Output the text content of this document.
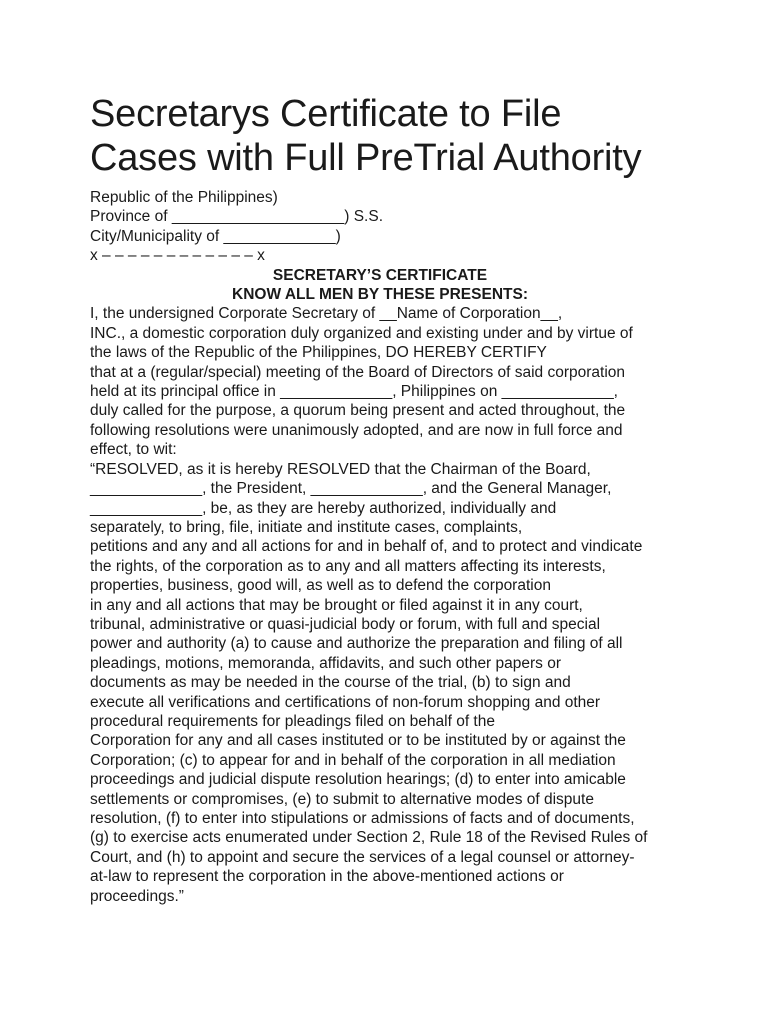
Secretarys Certificate to File
Cases with Full PreTrial Authority
Republic of the Philippines)
Province of ____________________) S.S.
City/Municipality of _____________)
x – – – – – – – – – – – – x
SECRETARY’S CERTIFICATE
KNOW ALL MEN BY THESE PRESENTS:
I, the undersigned Corporate Secretary of __Name of Corporation__,
INC., a domestic corporation duly organized and existing under and by virtue of
the laws of the Republic of the Philippines, DO HEREBY CERTIFY
that at a (regular/special) meeting of the Board of Directors of said corporation
held at its principal office in _____________, Philippines on _____________,
duly called for the purpose, a quorum being present and acted throughout, the
following resolutions were unanimously adopted, and are now in full force and
effect, to wit:
“RESOLVED, as it is hereby RESOLVED that the Chairman of the Board,
_____________, the President, _____________, and the General Manager,
_____________, be, as they are hereby authorized, individually and
separately, to bring, file, initiate and institute cases, complaints,
petitions and any and all actions for and in behalf of, and to protect and vindicate
the rights, of the corporation as to any and all matters affecting its interests,
properties, business, good will, as well as to defend the corporation
in any and all actions that may be brought or filed against it in any court,
tribunal, administrative or quasi-judicial body or forum, with full and special
power and authority (a) to cause and authorize the preparation and filing of all
pleadings, motions, memoranda, affidavits, and such other papers or
documents as may be needed in the course of the trial, (b) to sign and
execute all verifications and certifications of non-forum shopping and other
procedural requirements for pleadings filed on behalf of the
Corporation for any and all cases instituted or to be instituted by or against the
Corporation; (c) to appear for and in behalf of the corporation in all mediation
proceedings and judicial dispute resolution hearings; (d) to enter into amicable
settlements or compromises, (e) to submit to alternative modes of dispute
resolution, (f) to enter into stipulations or admissions of facts and of documents,
(g) to exercise acts enumerated under Section 2, Rule 18 of the Revised Rules of
Court, and (h) to appoint and secure the services of a legal counsel or attorney-
at-law to represent the corporation in the above-mentioned actions or
proceedings.”
